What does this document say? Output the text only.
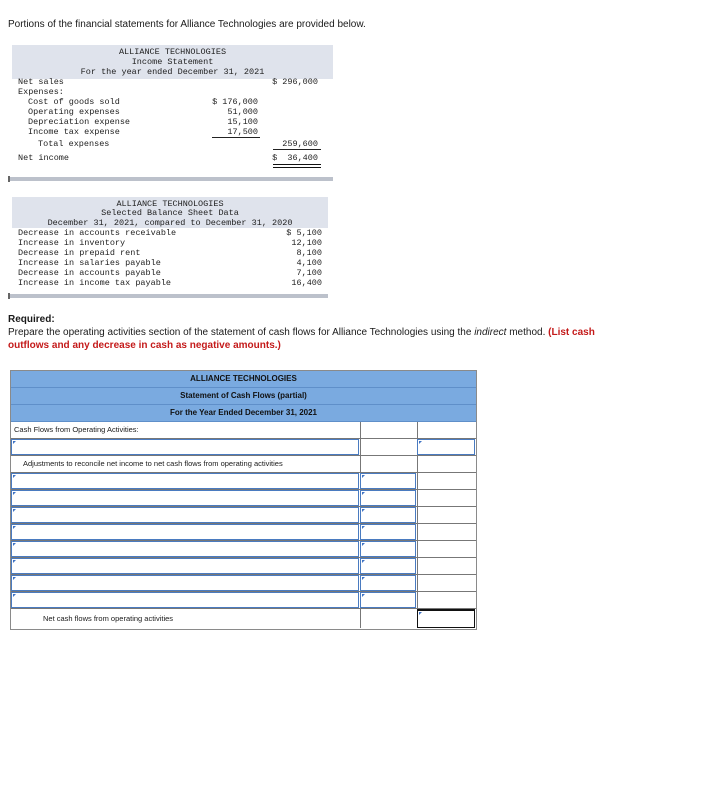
Portions of the financial statements for Alliance Technologies are provided below.
ALLIANCE TECHNOLOGIES
Income Statement
For the year ended December 31, 2021
Net sales	$ 296,000
Expenses:
Cost of goods sold	$ 176,000
Operating expenses	51,000
Depreciation expense	15,100
Income tax expense	17,500
Total expenses	259,600
Net income	$  36,400
ALLIANCE TECHNOLOGIES
Selected Balance Sheet Data
December 31, 2021, compared to December 31, 2020
Decrease in accounts receivable	$ 5,100
Increase in inventory	12,100
Decrease in prepaid rent	8,100
Increase in salaries payable	4,100
Decrease in accounts payable	7,100
Increase in income tax payable	16,400
Required:
Prepare the operating activities section of the statement of cash flows for Alliance Technologies using the indirect method. (List cash outflows and any decrease in cash as negative amounts.)
ALLIANCE TECHNOLOGIES
Statement of Cash Flows (partial)
For the Year Ended December 31, 2021
Cash Flows from Operating Activities:
Adjustments to reconcile net income to net cash flows from operating activities
Net cash flows from operating activities
